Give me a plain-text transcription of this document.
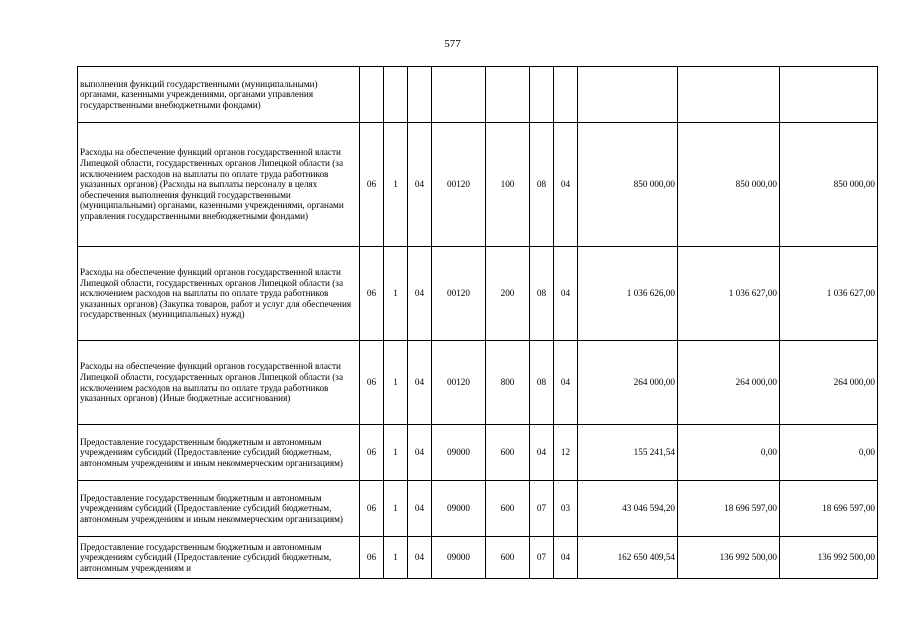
577
выполнения функций государственными (муниципальными) органами, казенными учреждениями, органами управления государственными внебюджетными фондами)										
Расходы на обеспечение функций органов государственной власти Липецкой области, государственных органов Липецкой области (за исключением расходов на выплаты по оплате труда работников указанных органов) (Расходы на выплаты персоналу в целях обеспечения выполнения функций государственными (муниципальными) органами, казенными учреждениями, органами управления государственными внебюджетными фондами)	06	1	04	00120	100	08	04	850 000,00	850 000,00	850 000,00
Расходы на обеспечение функций органов государственной власти Липецкой области, государственных органов Липецкой области (за исключением расходов на выплаты по оплате труда работников указанных органов) (Закупка товаров, работ и услуг для обеспечения государственных (муниципальных) нужд)	06	1	04	00120	200	08	04	1 036 626,00	1 036 627,00	1 036 627,00
Расходы на обеспечение функций органов государственной власти Липецкой области, государственных органов Липецкой области (за исключением расходов на выплаты по оплате труда работников указанных органов) (Иные бюджетные ассигнования)	06	1	04	00120	800	08	04	264 000,00	264 000,00	264 000,00
Предоставление государственным бюджетным и автономным учреждениям субсидий (Предоставление субсидий бюджетным, автономным учреждениям и иным некоммерческим организациям)	06	1	04	09000	600	04	12	155 241,54	0,00	0,00
Предоставление государственным бюджетным и автономным учреждениям субсидий (Предоставление субсидий бюджетным, автономным учреждениям и иным некоммерческим организациям)	06	1	04	09000	600	07	03	43 046 594,20	18 696 597,00	18 696 597,00
Предоставление государственным бюджетным и автономным учреждениям субсидий (Предоставление субсидий бюджетным, автономным учреждениям и	06	1	04	09000	600	07	04	162 650 409,54	136 992 500,00	136 992 500,00
